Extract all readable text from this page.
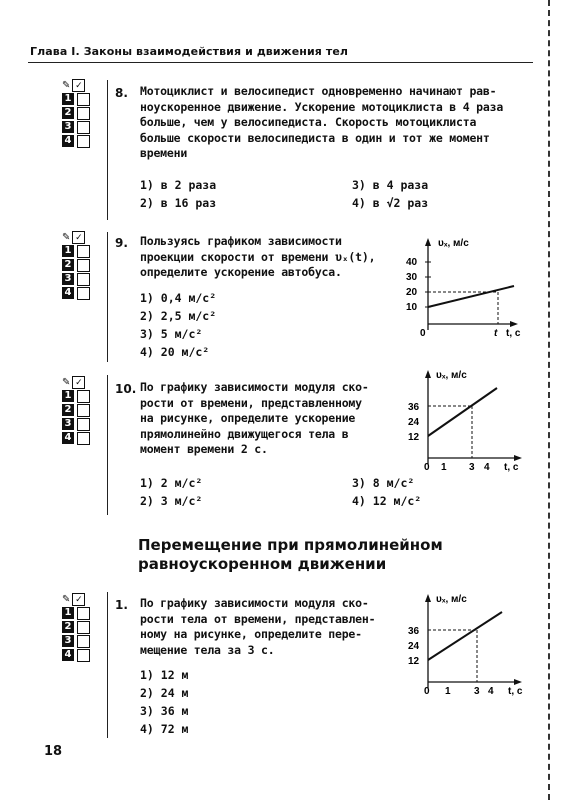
Глава I. Законы взаимодействия и движения тел
✎ ✓
1
2
3
4
✎ ✓
1
2
3
4
✎ ✓
1
2
3
4
✎ ✓
1
2
3
4
8. Мотоциклист и велосипедист одновременно начинают рав-
ноускоренное движение. Ускорение мотоциклиста в 4 раза
больше, чем у велосипедиста. Скорость мотоциклиста
больше скорости велосипедиста в один и тот же момент
времени
1) в 2 раза
2) в 16 раз
3) в 4 раза
4) в √2 раз
9. Пользуясь графиком зависимости
проекции скорости от времени υₓ(t),
определите ускорение автобуса.
1) 0,4 м/с²
2) 2,5 м/с²
3) 5 м/с²
4) 20 м/с²
υₓ, м/с
40
30
20
10
0	t t, с
10. По графику зависимости модуля ско-
рости от времени, представленному
на рисунке, определите ускорение
прямолинейно движущегося тела в
момент времени 2 с.
1) 2 м/с²
2) 3 м/с²
3) 8 м/с²
4) 12 м/с²
υₓ, м/с
36
24
12
0 1 3 4 t, с
Перемещение при прямолинейном
равноускоренном движении
1. По графику зависимости модуля ско-
рости тела от времени, представлен-
ному на рисунке, определите пере-
мещение тела за 3 с.
1) 12 м
2) 24 м
3) 36 м
4) 72 м
υₓ, м/с
36
24
12
0 1 3 4 t, с
18
